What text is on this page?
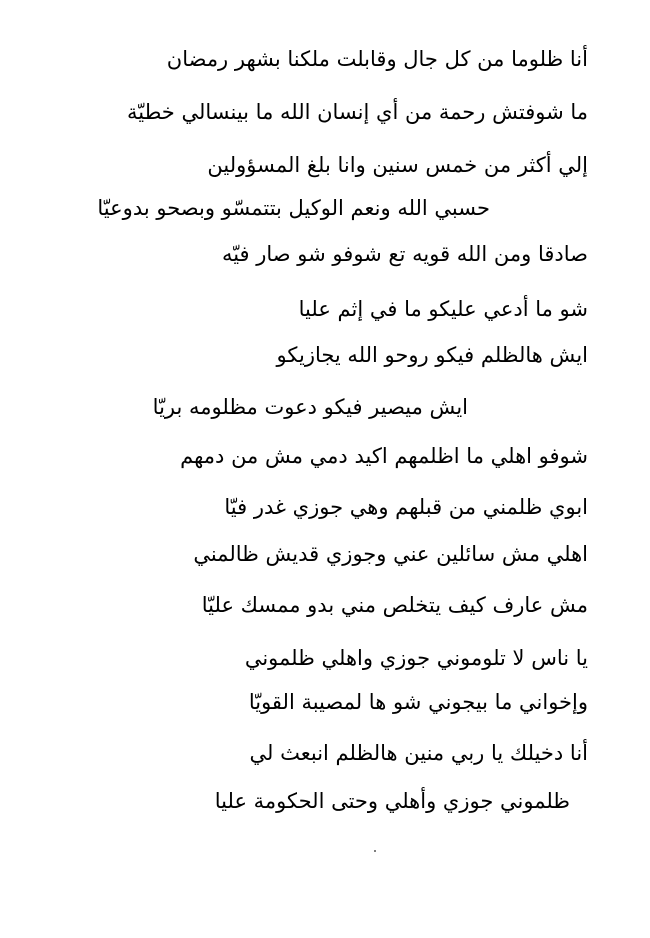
أنا ظلوما من كل جال وقابلت ملكنا بشهر رمضان
ما شوفتش رحمة من أي إنسان الله ما بينسالي خطيّة
إلي أكثر من خمس سنين وانا بلغ المسؤولين
حسبي الله ونعم الوكيل بتتمسّو وبصحو بدوعيّا
صادقا ومن الله قويه تع شوفو شو صار فيّه
شو ما أدعي عليكو ما في إثم عليا
ايش هالظلم فيكو روحو الله يجازيكو
ايش ميصير فيكو دعوت مظلومه بريّا
شوفو اهلي ما اظلمهم اكيد دمي مش من دمهم
ابوي ظلمني من قبلهم وهي جوزي غدر فيّا
اهلي مش سائلين عني وجوزي قديش ظالمني
مش عارف كيف يتخلص مني بدو ممسك عليّا
يا ناس لا تلوموني جوزي واهلي ظلموني
وإخواني ما بيجوني شو ها لمصيبة القويّا
أنا دخيلك يا ربي منين هالظلم انبعث لي
ظلموني جوزي وأهلي وحتى الحكومة عليا
